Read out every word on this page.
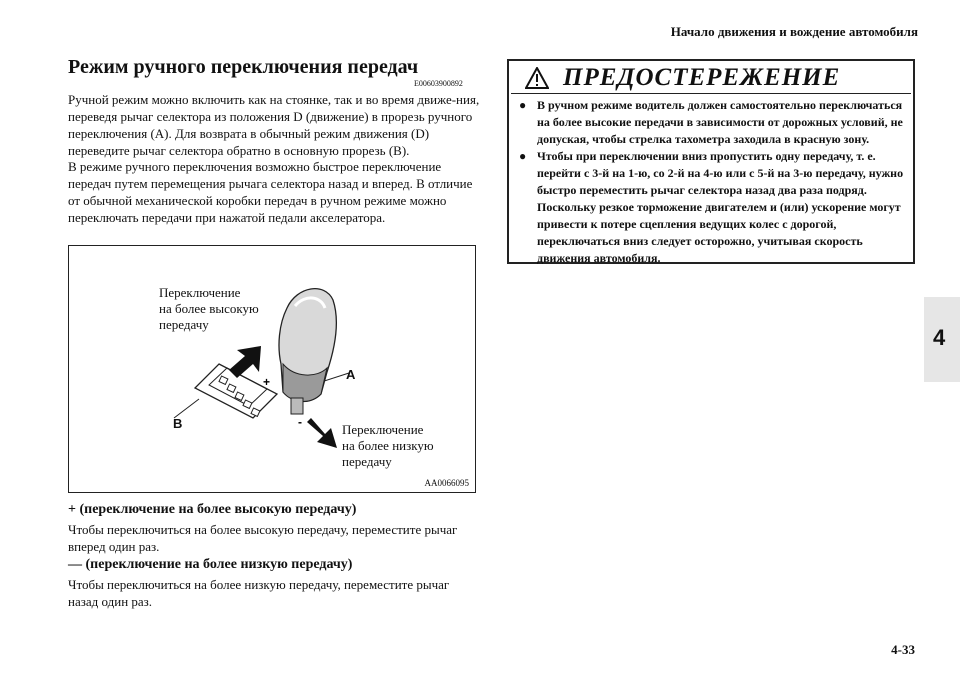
Начало движения и вождение автомобиля
Режим ручного переключения передач
E00603900892

Ручной режим можно включить как на стоянке, так и во время движе-ния, переведя рычаг селектора из положения D (движение) в прорезь ручного переключения (A). Для возврата в обычный режим движения (D) переведите рычаг селектора обратно в основную прорезь (B).

В режиме ручного переключения возможно быстрое переключение передач путем перемещения рычага селектора назад и вперед. В отличие от обычной механической коробки передач в ручном режиме можно переключать передачи при нажатой педали акселератора.

+
-
Переключение
на более высокую
передачу
Переключение
на более низкую
передачу
A
B
AA0066095
+ (переключение на более высокую передачу)

Чтобы переключиться на более высокую передачу, переместите рычаг вперед один раз.

— (переключение на более низкую передачу)

Чтобы переключиться на более низкую передачу, переместите рычаг назад один раз.

ПРЕДОСТЕРЕЖЕНИЕ

● В ручном режиме водитель должен самостоятельно переключаться на более высокие передачи в зависимости от дорожных условий, не допуская, чтобы стрелка тахометра заходила в красную зону.

● Чтобы при переключении вниз пропустить одну передачу, т. е. перейти с 3-й на 1-ю, со 2-й на 4-ю или с 5-й на 3-ю передачу, нужно быстро переместить рычаг селектора назад два раза подряд. Поскольку резкое торможение двигателем и (или) ускорение могут привести к потере сцепления ведущих колес с дорогой, переключаться вниз следует осторожно, учитывая скорость движения автомобиля.

4
4-33
